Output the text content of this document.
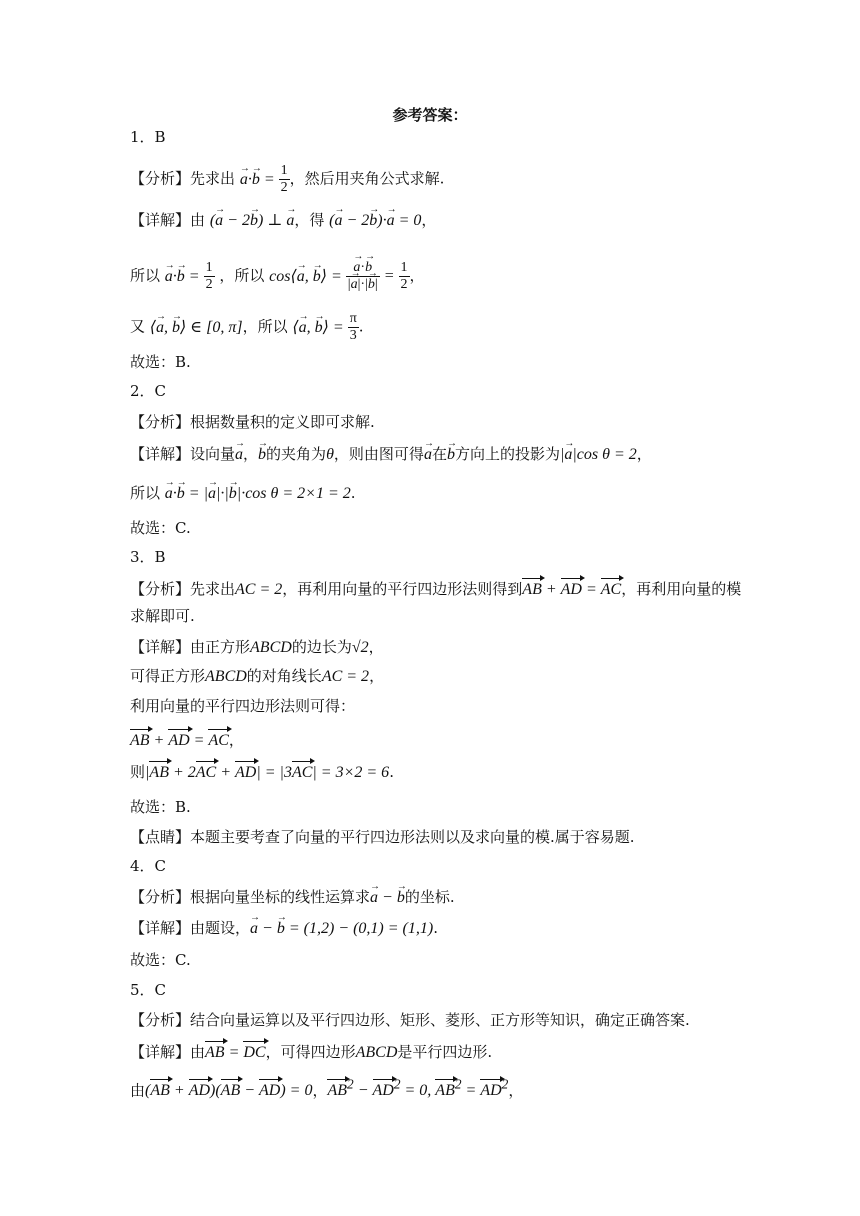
参考答案：
1．B
【分析】先求出 → $a\cdot\to b = \frac{1}{2}$ ，然后用夹角公式求解.
【详解】由 (→ a − 2→ b) ⊥ → a，得 (→ a − 2→ b)·→ a = 0，
所以 → $a\cdot\to b = \frac{1}{2}$ ，所以 cos⟨→ a, → b⟩ = → $\frac{a\cdot\to b}{|\to a|\cdot|\to b|} = \frac{1}{2}$ ，
又 ⟨→ a, → b⟩ ∈ [0, π]，所以 ⟨→ a, → b⟩ = $\frac{\pi}{3}$ .
故选：B.
2．C
【分析】根据数量积的定义即可求解.
【详解】设向量→ a，→ b的夹角为θ，则由图可得→ a在→ b方向上的投影为|→ a|cos θ = 2，
所以 → a·→ b = |→ a|·|→ b|·cos θ = 2×1 = 2.
故选：C.
3．B
【分析】先求出AC = 2，再利用向量的平行四边形法则得到AB + AD = AC，再利用向量的模
求解即可.
【详解】由正方形ABCD的边长为√2，
可得正方形ABCD的对角线长AC = 2，
利用向量的平行四边形法则可得：
AB + AD = AC，
则|AB + 2AC + AD| = |3AC| = 3×2 = 6.
故选：B.
【点睛】本题主要考查了向量的平行四边形法则以及求向量的模.属于容易题.
4．C
【分析】根据向量坐标的线性运算求→ a − → b的坐标.
【详解】由题设，→ a − → b = (1,2) − (0,1) = (1,1).
故选：C.
5．C
【分析】结合向量运算以及平行四边形、矩形、菱形、正方形等知识，确定正确答案.
【详解】由AB = DC，可得四边形ABCD是平行四边形.
由(AB + AD)(AB − AD) = 0，$AB^2 - AD^2 = 0$, $AB^2 = AD^2$，
